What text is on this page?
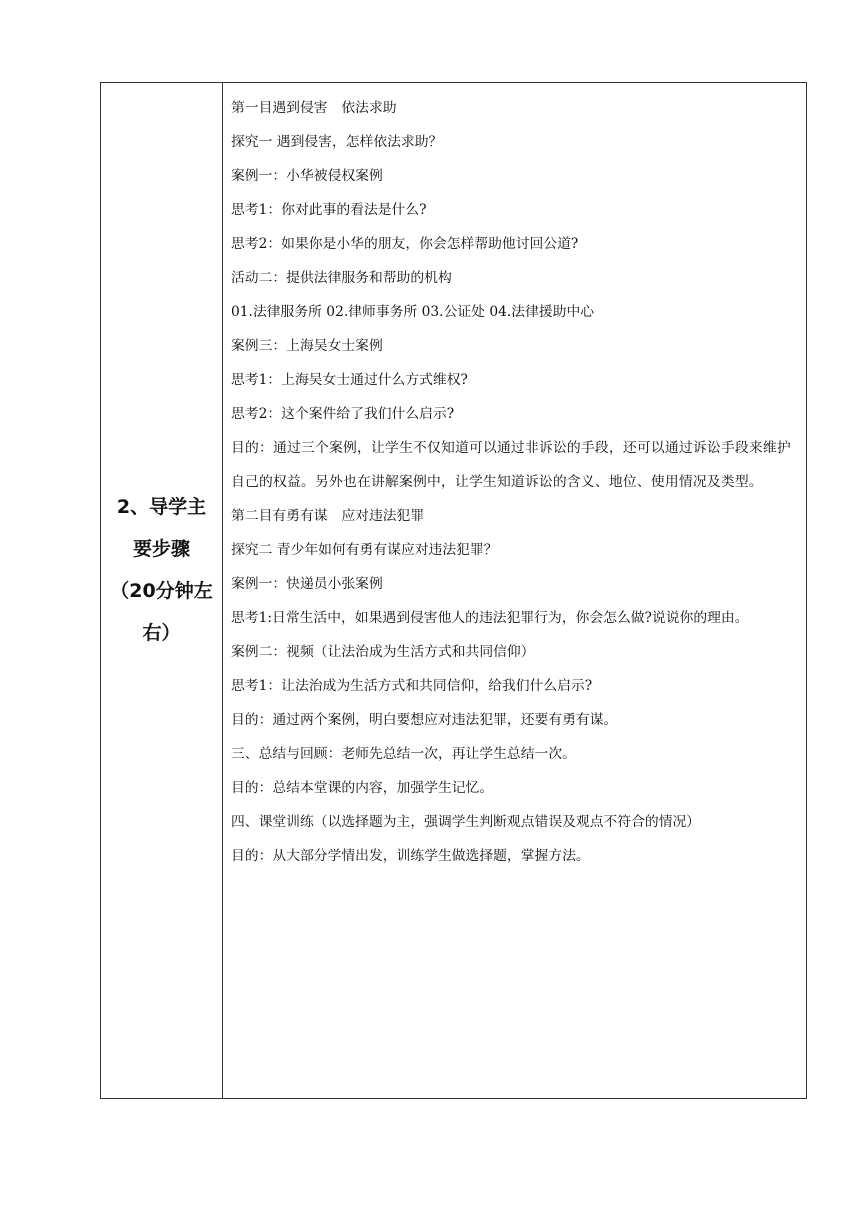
2、导学主
要步骤
（20分钟左
右）
第一目遇到侵害　依法求助
探究一 遇到侵害，怎样依法求助？
案例一：小华被侵权案例
思考1：你对此事的看法是什么?
思考2：如果你是小华的朋友，你会怎样帮助他讨回公道?
活动二：提供法律服务和帮助的机构
01.法律服务所 02.律师事务所 03.公证处 04.法律援助中心
案例三：上海吴女士案例
思考1：上海吴女士通过什么方式维权?
思考2：这个案件给了我们什么启示?
目的：通过三个案例，让学生不仅知道可以通过非诉讼的手段，还可以通过诉讼手段来维护自己的权益。另外也在讲解案例中，让学生知道诉讼的含义、地位、使用情况及类型。
第二目有勇有谋　应对违法犯罪
探究二 青少年如何有勇有谋应对违法犯罪？
案例一：快递员小张案例
思考1:日常生活中，如果遇到侵害他人的违法犯罪行为，你会怎么做?说说你的理由。
案例二：视频（让法治成为生活方式和共同信仰）
思考1：让法治成为生活方式和共同信仰，给我们什么启示?
目的：通过两个案例，明白要想应对违法犯罪，还要有勇有谋。
三、总结与回顾：老师先总结一次，再让学生总结一次。
目的：总结本堂课的内容，加强学生记忆。
四、课堂训练（以选择题为主，强调学生判断观点错误及观点不符合的情况）
目的：从大部分学情出发，训练学生做选择题，掌握方法。
